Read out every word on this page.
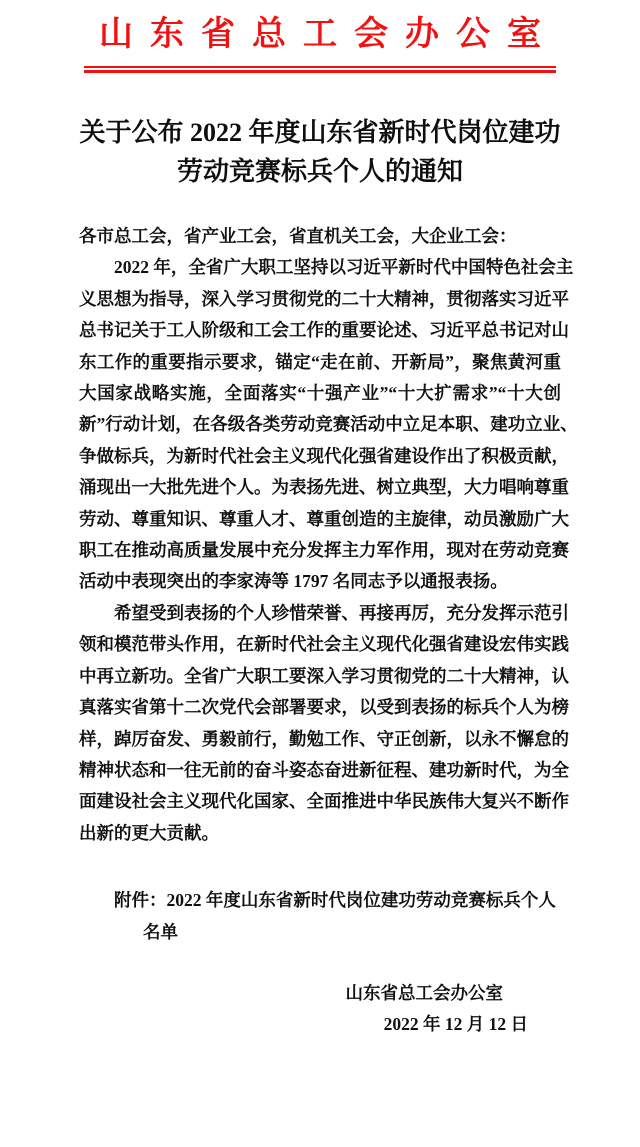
山东省总工会办公室
关于公布 2022 年度山东省新时代岗位建功
劳动竞赛标兵个人的通知
各市总工会，省产业工会，省直机关工会，大企业工会：
2022 年，全省广大职工坚持以习近平新时代中国特色社会主
义思想为指导，深入学习贯彻党的二十大精神，贯彻落实习近平
总书记关于工人阶级和工会工作的重要论述、习近平总书记对山
东工作的重要指示要求，锚定“走在前、开新局”，聚焦黄河重
大国家战略实施，全面落实“十强产业”“十大扩需求”“十大创
新”行动计划，在各级各类劳动竞赛活动中立足本职、建功立业、
争做标兵，为新时代社会主义现代化强省建设作出了积极贡献，
涌现出一大批先进个人。为表扬先进、树立典型，大力唱响尊重
劳动、尊重知识、尊重人才、尊重创造的主旋律，动员激励广大
职工在推动高质量发展中充分发挥主力军作用，现对在劳动竞赛
活动中表现突出的李家涛等 1797 名同志予以通报表扬。
希望受到表扬的个人珍惜荣誉、再接再厉，充分发挥示范引
领和模范带头作用，在新时代社会主义现代化强省建设宏伟实践
中再立新功。全省广大职工要深入学习贯彻党的二十大精神，认
真落实省第十二次党代会部署要求，以受到表扬的标兵个人为榜
样，踔厉奋发、勇毅前行，勤勉工作、守正创新，以永不懈怠的
精神状态和一往无前的奋斗姿态奋进新征程、建功新时代，为全
面建设社会主义现代化国家、全面推进中华民族伟大复兴不断作
出新的更大贡献。
附件：2022 年度山东省新时代岗位建功劳动竞赛标兵个人
名单
山东省总工会办公室
2022 年 12 月 12 日
